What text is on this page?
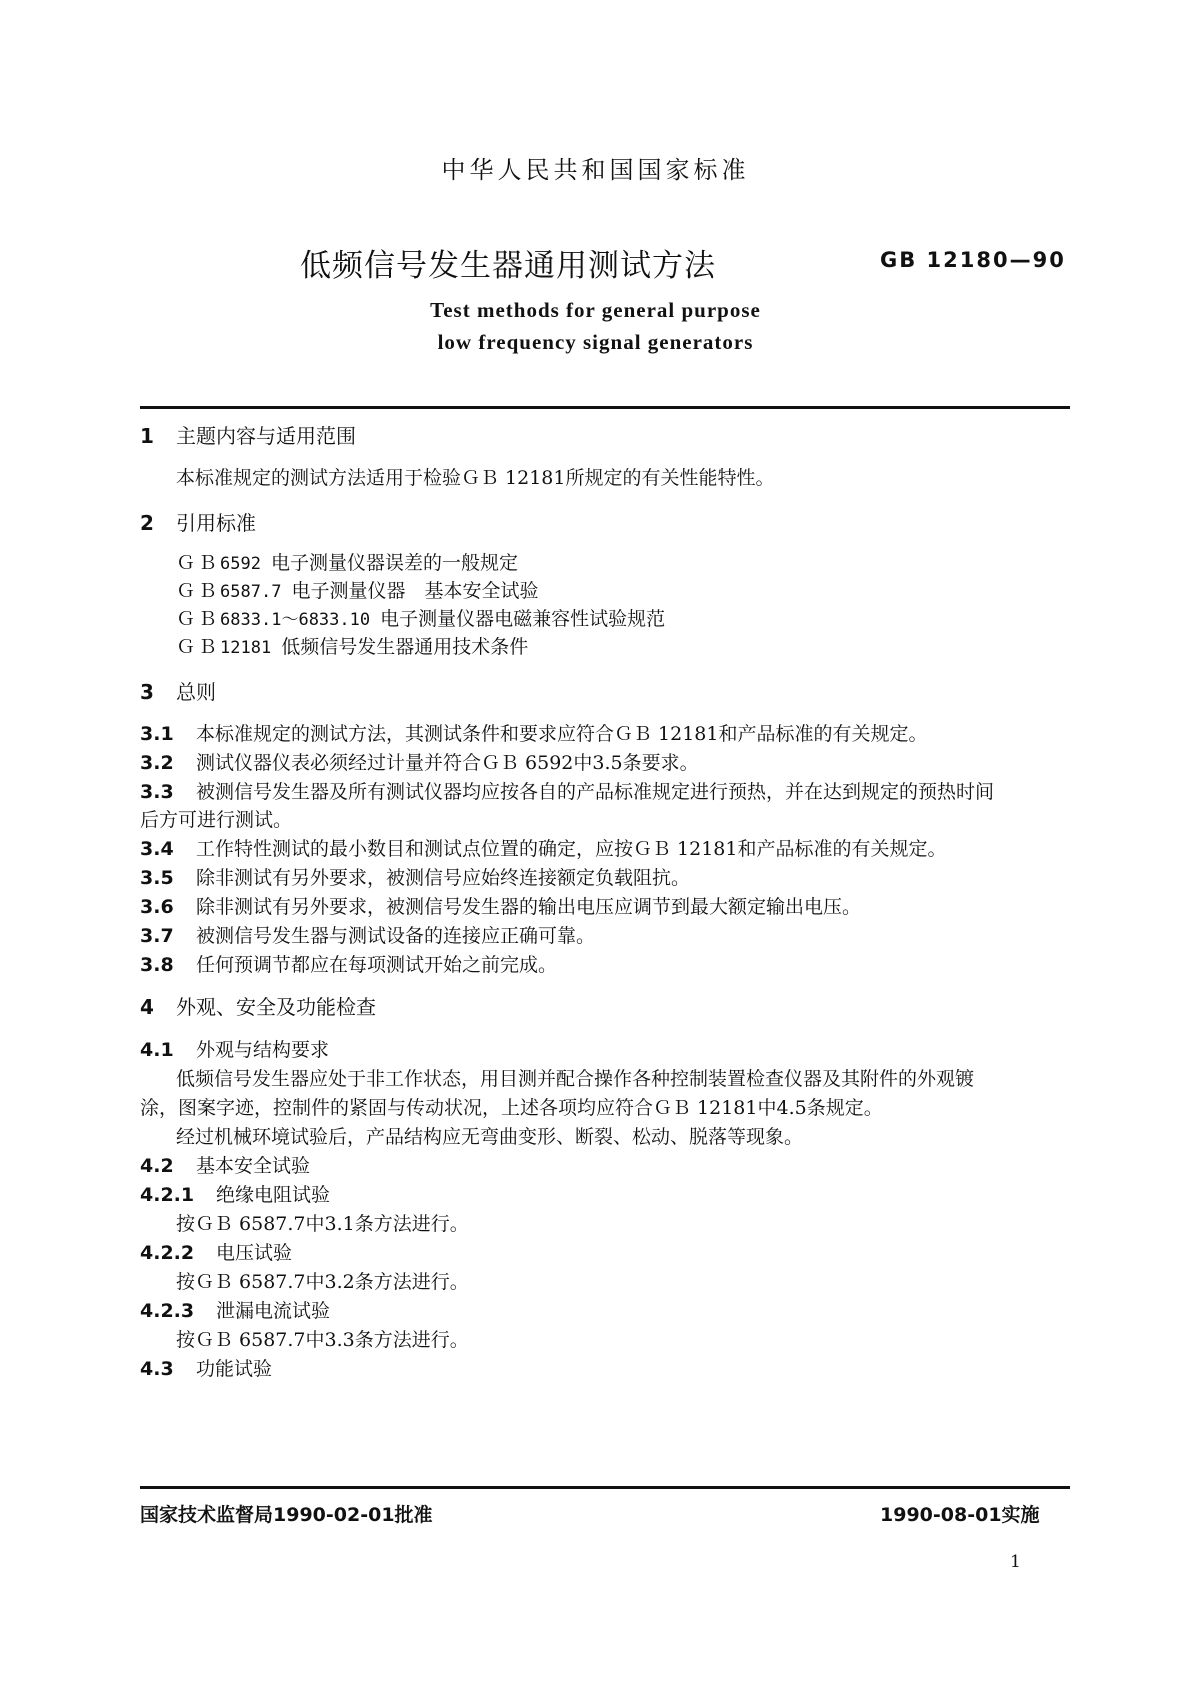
中华人民共和国国家标准
低频信号发生器通用测试方法	GB 12180—90
Test methods for general purpose
low frequency signal generators
1 主题内容与适用范围
本标准规定的测试方法适用于检验ＧＢ 12181所规定的有关性能特性。
2 引用标准
ＧＢ 6592 电子测量仪器误差的一般规定
ＧＢ 6587.7 电子测量仪器　基本安全试验
ＧＢ 6833.1～6833.10 电子测量仪器电磁兼容性试验规范
ＧＢ 12181 低频信号发生器通用技术条件
3 总则
3.1 本标准规定的测试方法，其测试条件和要求应符合ＧＢ 12181和产品标准的有关规定。
3.2 测试仪器仪表必须经过计量并符合ＧＢ 6592中3.5条要求。
3.3 被测信号发生器及所有测试仪器均应按各自的产品标准规定进行预热，并在达到规定的预热时间
后方可进行测试。
3.4 工作特性测试的最小数目和测试点位置的确定，应按ＧＢ 12181和产品标准的有关规定。
3.5 除非测试有另外要求，被测信号应始终连接额定负载阻抗。
3.6 除非测试有另外要求，被测信号发生器的输出电压应调节到最大额定输出电压。
3.7 被测信号发生器与测试设备的连接应正确可靠。
3.8 任何预调节都应在每项测试开始之前完成。
4 外观、安全及功能检查
4.1 外观与结构要求
低频信号发生器应处于非工作状态，用目测并配合操作各种控制装置检查仪器及其附件的外观镀
涂，图案字迹，控制件的紧固与传动状况，上述各项均应符合ＧＢ 12181中4.5条规定。
经过机械环境试验后，产品结构应无弯曲变形、断裂、松动、脱落等现象。
4.2 基本安全试验
4.2.1 绝缘电阻试验
按ＧＢ 6587.7中3.1条方法进行。
4.2.2 电压试验
按ＧＢ 6587.7中3.2条方法进行。
4.2.3 泄漏电流试验
按ＧＢ 6587.7中3.3条方法进行。
4.3 功能试验
国家技术监督局1990-02-01批准	1990-08-01实施
1
